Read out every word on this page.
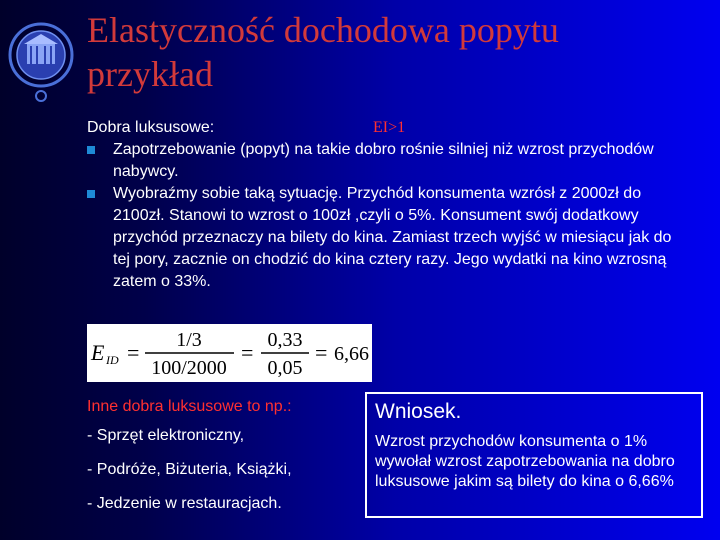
Elastyczność dochodowa popytu
przykład
Dobra luksusowe:	EI>1
Zapotrzebowanie (popyt) na takie dobro rośnie silniej niż wzrost przychodów nabywcy.
Wyobraźmy sobie taką sytuację. Przychód konsumenta wzrósł z 2000zł do 2100zł. Stanowi to wzrost o 100zł ,czyli o 5%. Konsument swój dodatkowy przychód przeznaczy na bilety do kina. Zamiast trzech wyjść w miesiącu jak do tej pory, zacznie on chodzić do kina cztery razy. Jego wydatki na kino wzrosną zatem o 33%.
E ID = 1/3
100/2000
= 0,33
0,05
= 6,66
Inne dobra luksusowe to np.:
- Sprzęt elektroniczny,
- Podróże, Biżuteria, Książki,
- Jedzenie w restauracjach.
Wniosek.
Wzrost przychodów konsumenta o 1% wywołał wzrost zapotrzebowania na dobro luksusowe jakim są bilety do kina o 6,66%
